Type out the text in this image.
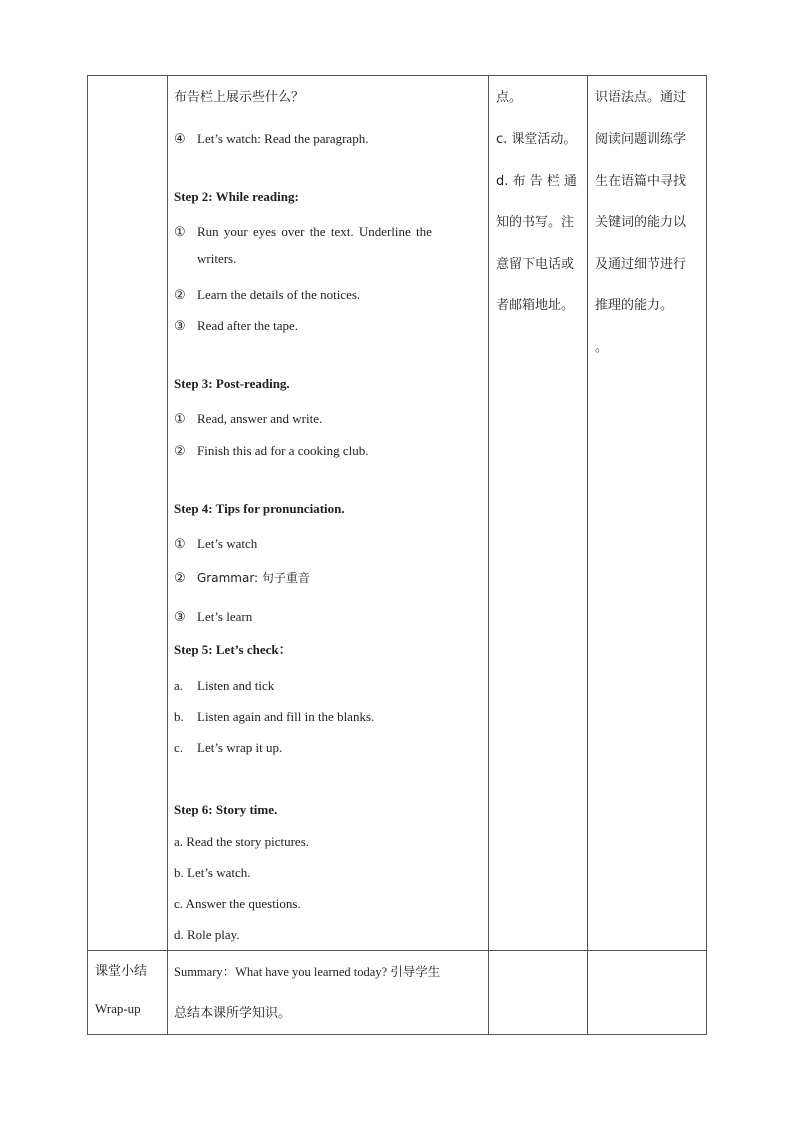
布告栏上展示些什么？
④ Let’s watch: Read the paragraph.
Step 2: While reading:
① Run your eyes over the text. Underline the
writers.
② Learn the details of the notices.
③ Read after the tape.
Step 3: Post-reading.
① Read, answer and write.
② Finish this ad for a cooking club.
Step 4: Tips for pronunciation.
① Let’s watch
② Grammar: 句子重音
③ Let’s learn
Step 5: Let’s check：
a. Listen and tick
b. Listen again and fill in the blanks.
c. Let’s wrap it up.
Step 6: Story time.
a. Read the story pictures.
b. Let’s watch.
c. Answer the questions.
d. Role play.
点。
c. 课堂活动。
d. 布 告 栏 通
知的书写。注
意留下电话或
者邮箱地址。
识语法点。通过
阅读问题训练学
生在语篇中寻找
关键词的能力以
及通过细节进行
推理的能力。
。
课堂小结
Wrap-up
Summary：What have you learned today? 引导学生
总结本课所学知识。
